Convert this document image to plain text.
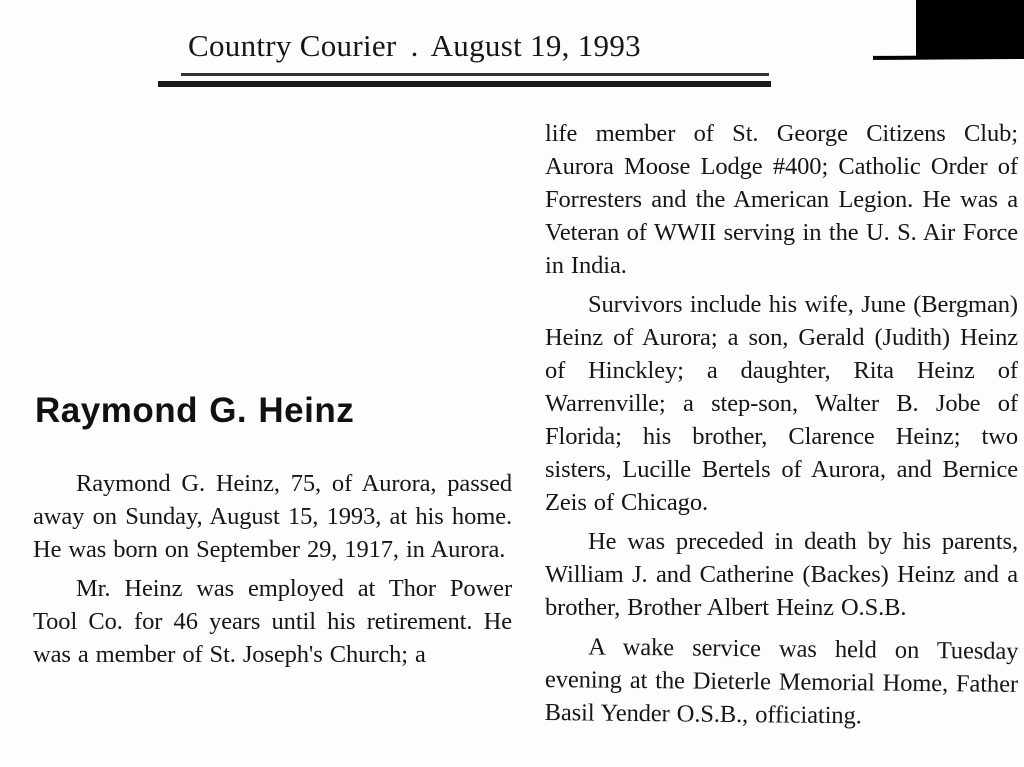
Country Courier . August 19, 1993
Raymond G. Heinz

Raymond G. Heinz, 75, of Aurora, passed away on Sunday, August 15, 1993, at his home. He was born on September 29, 1917, in Aurora.

Mr. Heinz was employed at Thor Power Tool Co. for 46 years until his retirement. He was a member of St. Joseph's Church; a

life member of St. George Citizens Club; Aurora Moose Lodge #400; Catholic Order of Forresters and the American Legion. He was a Veteran of WWII serving in the U. S. Air Force in India.

Survivors include his wife, June (Bergman) Heinz of Aurora; a son, Gerald (Judith) Heinz of Hinckley; a daughter, Rita Heinz of Warrenville; a step-son, Walter B. Jobe of Florida; his brother, Clarence Heinz; two sisters, Lucille Bertels of Aurora, and Bernice Zeis of Chicago.

He was preceded in death by his parents, William J. and Catherine (Backes) Heinz and a brother, Brother Albert Heinz O.S.B.

A wake service was held on Tuesday evening at the Dieterle Memorial Home, Father Basil Yender O.S.B., officiating.
